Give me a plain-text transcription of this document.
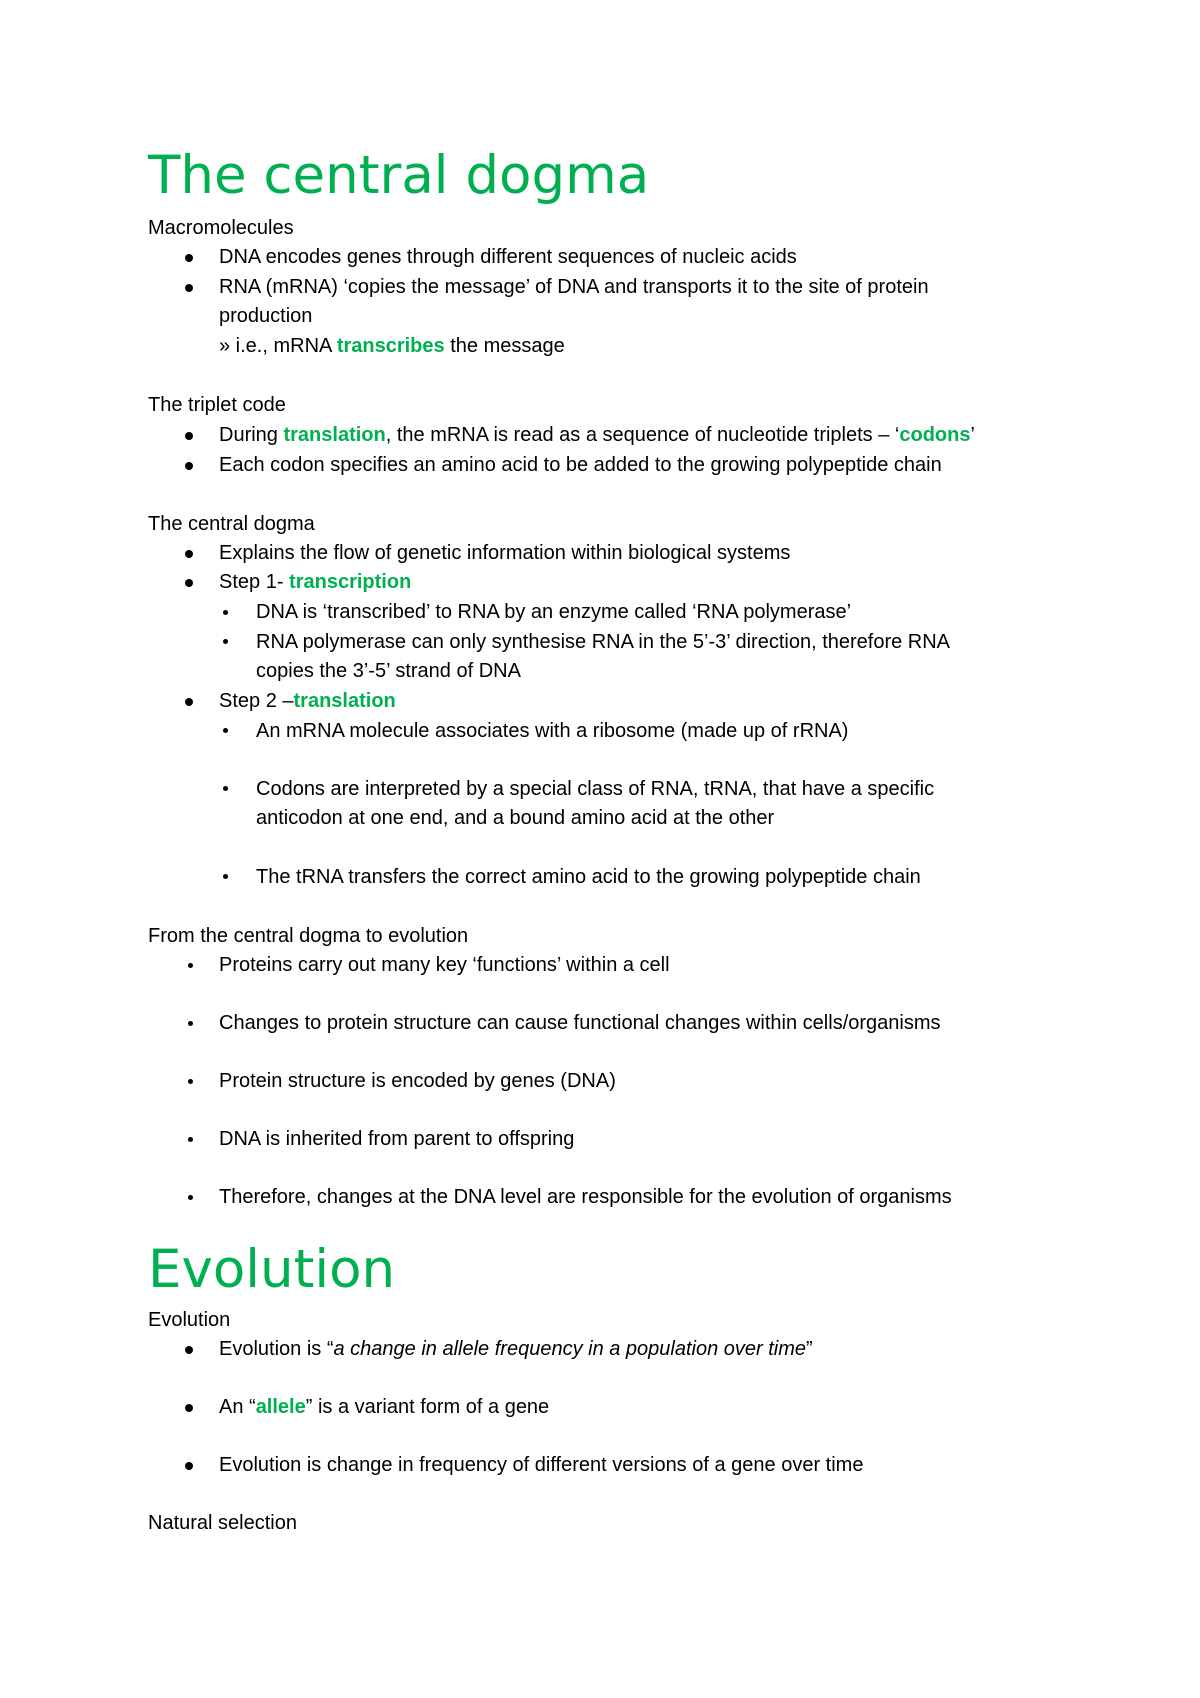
The central dogma
Macromolecules
DNA encodes genes through different sequences of nucleic acids
RNA (mRNA) ‘copies the message’ of DNA and transports it to the site of protein
production
» i.e., mRNA transcribes the message
The triplet code
During translation, the mRNA is read as a sequence of nucleotide triplets – ‘codons’
Each codon specifies an amino acid to be added to the growing polypeptide chain
The central dogma
Explains the flow of genetic information within biological systems
Step 1- transcription
DNA is ‘transcribed’ to RNA by an enzyme called ‘RNA polymerase’
RNA polymerase can only synthesise RNA in the 5’-3’ direction, therefore RNA
copies the 3’-5’ strand of DNA
Step 2 –translation
An mRNA molecule associates with a ribosome (made up of rRNA)
Codons are interpreted by a special class of RNA, tRNA, that have a specific
anticodon at one end, and a bound amino acid at the other
The tRNA transfers the correct amino acid to the growing polypeptide chain
From the central dogma to evolution
Proteins carry out many key ‘functions’ within a cell
Changes to protein structure can cause functional changes within cells/organisms
Protein structure is encoded by genes (DNA)
DNA is inherited from parent to offspring
Therefore, changes at the DNA level are responsible for the evolution of organisms
Evolution
Evolution
Evolution is “a change in allele frequency in a population over time”
An “allele” is a variant form of a gene
Evolution is change in frequency of different versions of a gene over time
Natural selection
